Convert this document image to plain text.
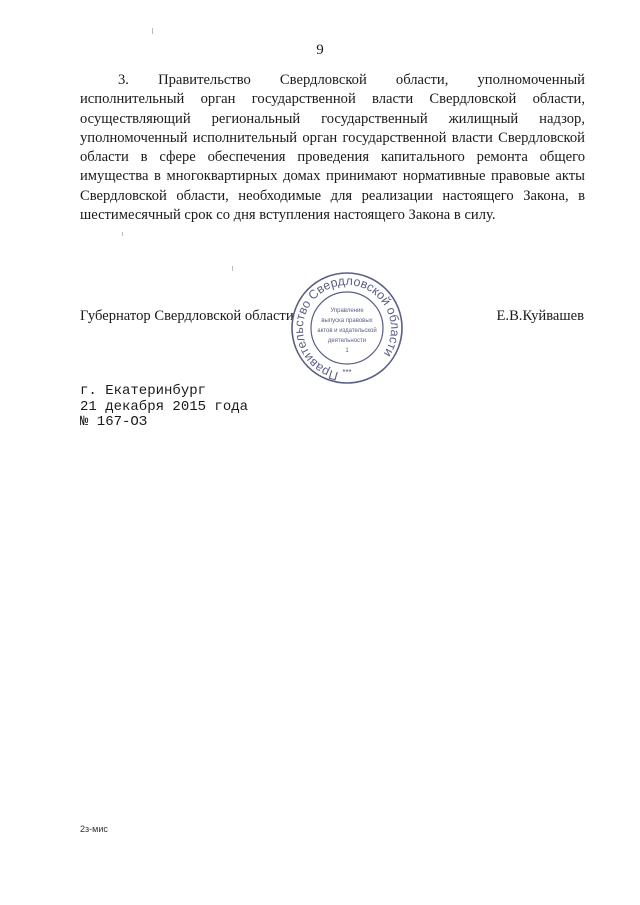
9

3. Правительство Свердловской области, уполномоченный исполнительный орган государственной власти Свердловской области, осуществляющий региональный государственный жилищный надзор, уполномоченный исполнительный орган государственной власти Свердловской области в сфере обеспечения проведения капитального ремонта общего имущества в многоквартирных домах принимают нормативные правовые акты Свердловской области, необходимые для реализации настоящего Закона, в шестимесячный срок со дня вступления настоящего Закона в силу.

Губернатор Свердловской области
Правительство Свердловской области
Управление
выпуска правовых
актов и издательской
деятельности
1
***
Е.В.Куйвашев
г. Екатеринбург
21 декабря 2015 года
№ 167-ОЗ
2з-мис
